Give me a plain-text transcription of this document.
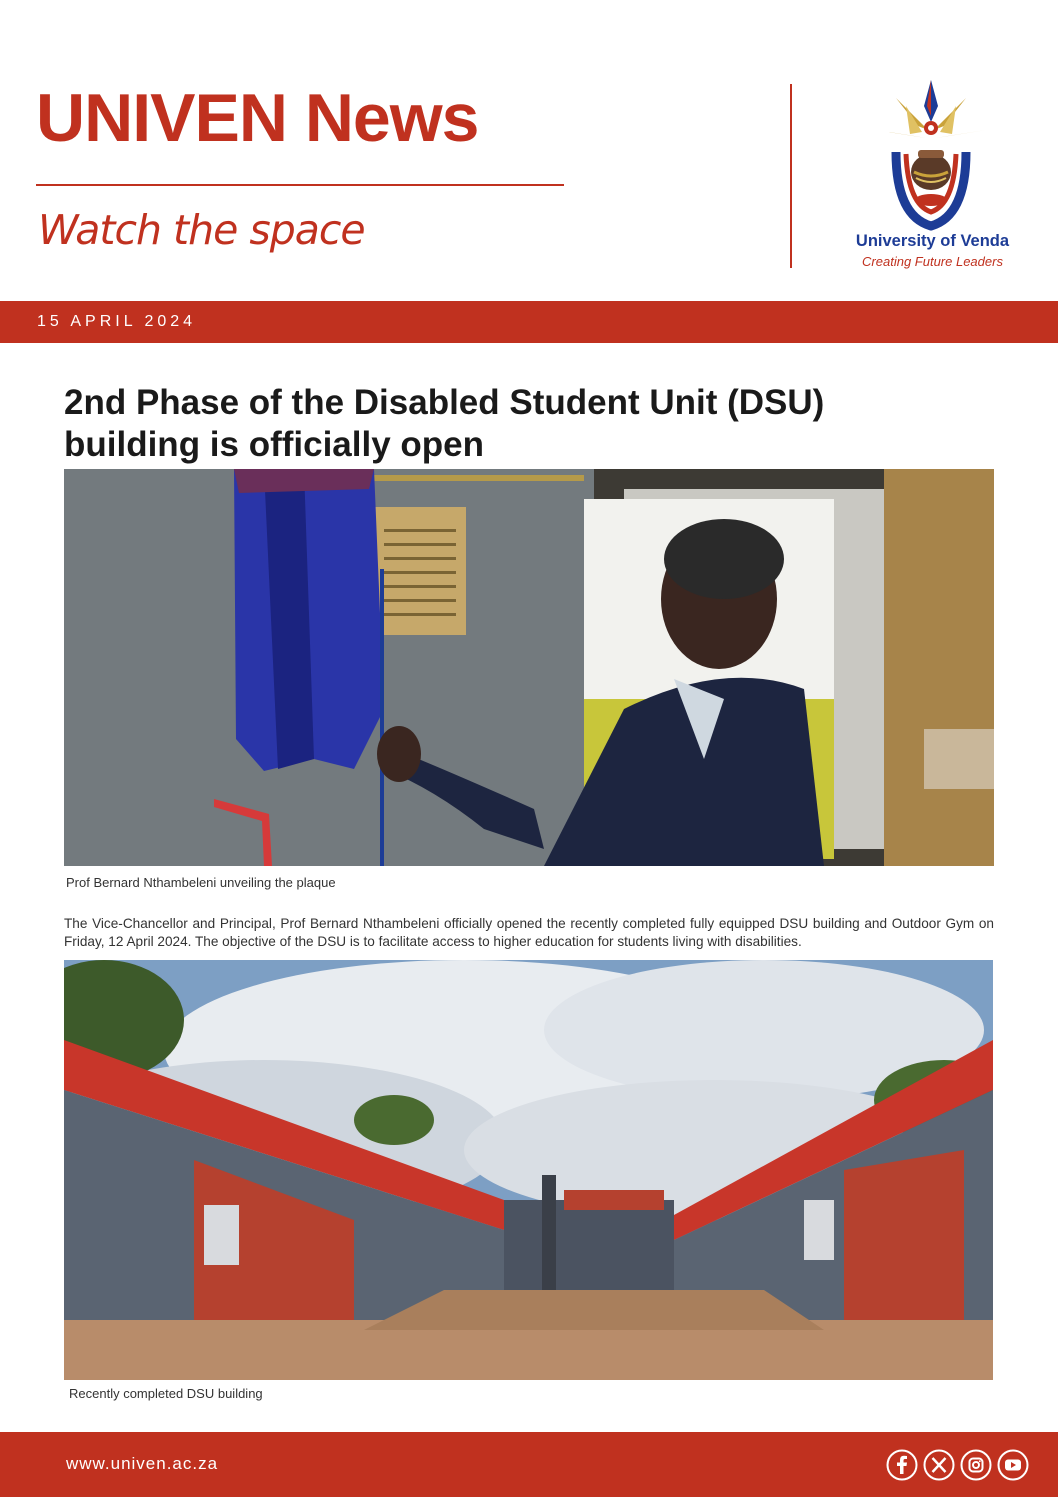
UNIVEN News
Watch the space	University of Venda
Creating Future Leaders
15 APRIL 2024
2nd Phase of the Disabled Student Unit (DSU)
building is officially open
Prof Bernard Nthambeleni unveiling the plaque

The Vice-Chancellor and Principal, Prof Bernard Nthambeleni officially opened the recently completed fully equipped DSU building and Outdoor Gym on Friday, 12 April 2024. The objective of the DSU is to facilitate access to higher education for students living with disabilities.

Recently completed DSU building
www.univen.ac.za
